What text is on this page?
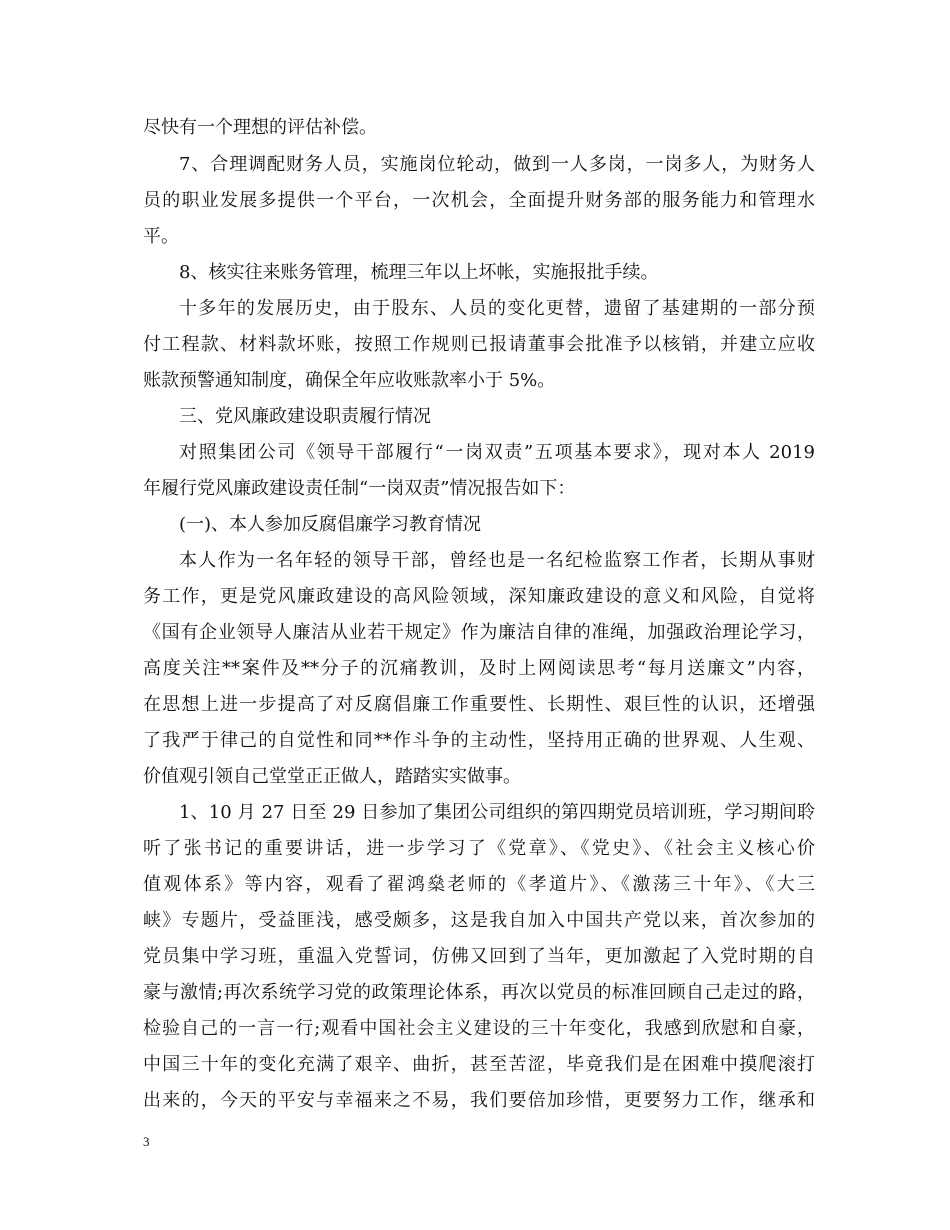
尽快有一个理想的评估补偿。
7、合理调配财务人员，实施岗位轮动，做到一人多岗，一岗多人，为财务人
员的职业发展多提供一个平台，一次机会，全面提升财务部的服务能力和管理水
平。
8、核实往来账务管理，梳理三年以上坏帐，实施报批手续。
十多年的发展历史，由于股东、人员的变化更替，遗留了基建期的一部分预
付工程款、材料款坏账，按照工作规则已报请董事会批准予以核销，并建立应收
账款预警通知制度，确保全年应收账款率小于 5%。
三、党风廉政建设职责履行情况
对照集团公司《领导干部履行“一岗双责”五项基本要求》，现对本人 2019
年履行党风廉政建设责任制“一岗双责”情况报告如下：
(一)、本人参加反腐倡廉学习教育情况
本人作为一名年轻的领导干部，曾经也是一名纪检监察工作者，长期从事财
务工作，更是党风廉政建设的高风险领域，深知廉政建设的意义和风险，自觉将
《国有企业领导人廉洁从业若干规定》作为廉洁自律的准绳，加强政治理论学习，
高度关注**案件及**分子的沉痛教训，及时上网阅读思考“每月送廉文”内容，
在思想上进一步提高了对反腐倡廉工作重要性、长期性、艰巨性的认识，还增强
了我严于律己的自觉性和同**作斗争的主动性，坚持用正确的世界观、人生观、
价值观引领自己堂堂正正做人，踏踏实实做事。
1、10 月 27 日至 29 日参加了集团公司组织的第四期党员培训班，学习期间聆
听了张书记的重要讲话，进一步学习了《党章》、《党史》、《社会主义核心价
值观体系》等内容，观看了翟鸿燊老师的《孝道片》、《激荡三十年》、《大三
峡》专题片，受益匪浅，感受颇多，这是我自加入中国共产党以来，首次参加的
党员集中学习班，重温入党誓词，仿佛又回到了当年，更加激起了入党时期的自
豪与激情;再次系统学习党的政策理论体系，再次以党员的标准回顾自己走过的路，
检验自己的一言一行;观看中国社会主义建设的三十年变化，我感到欣慰和自豪，
中国三十年的变化充满了艰辛、曲折，甚至苦涩，毕竟我们是在困难中摸爬滚打
出来的，今天的平安与幸福来之不易，我们要倍加珍惜，更要努力工作，继承和
3
